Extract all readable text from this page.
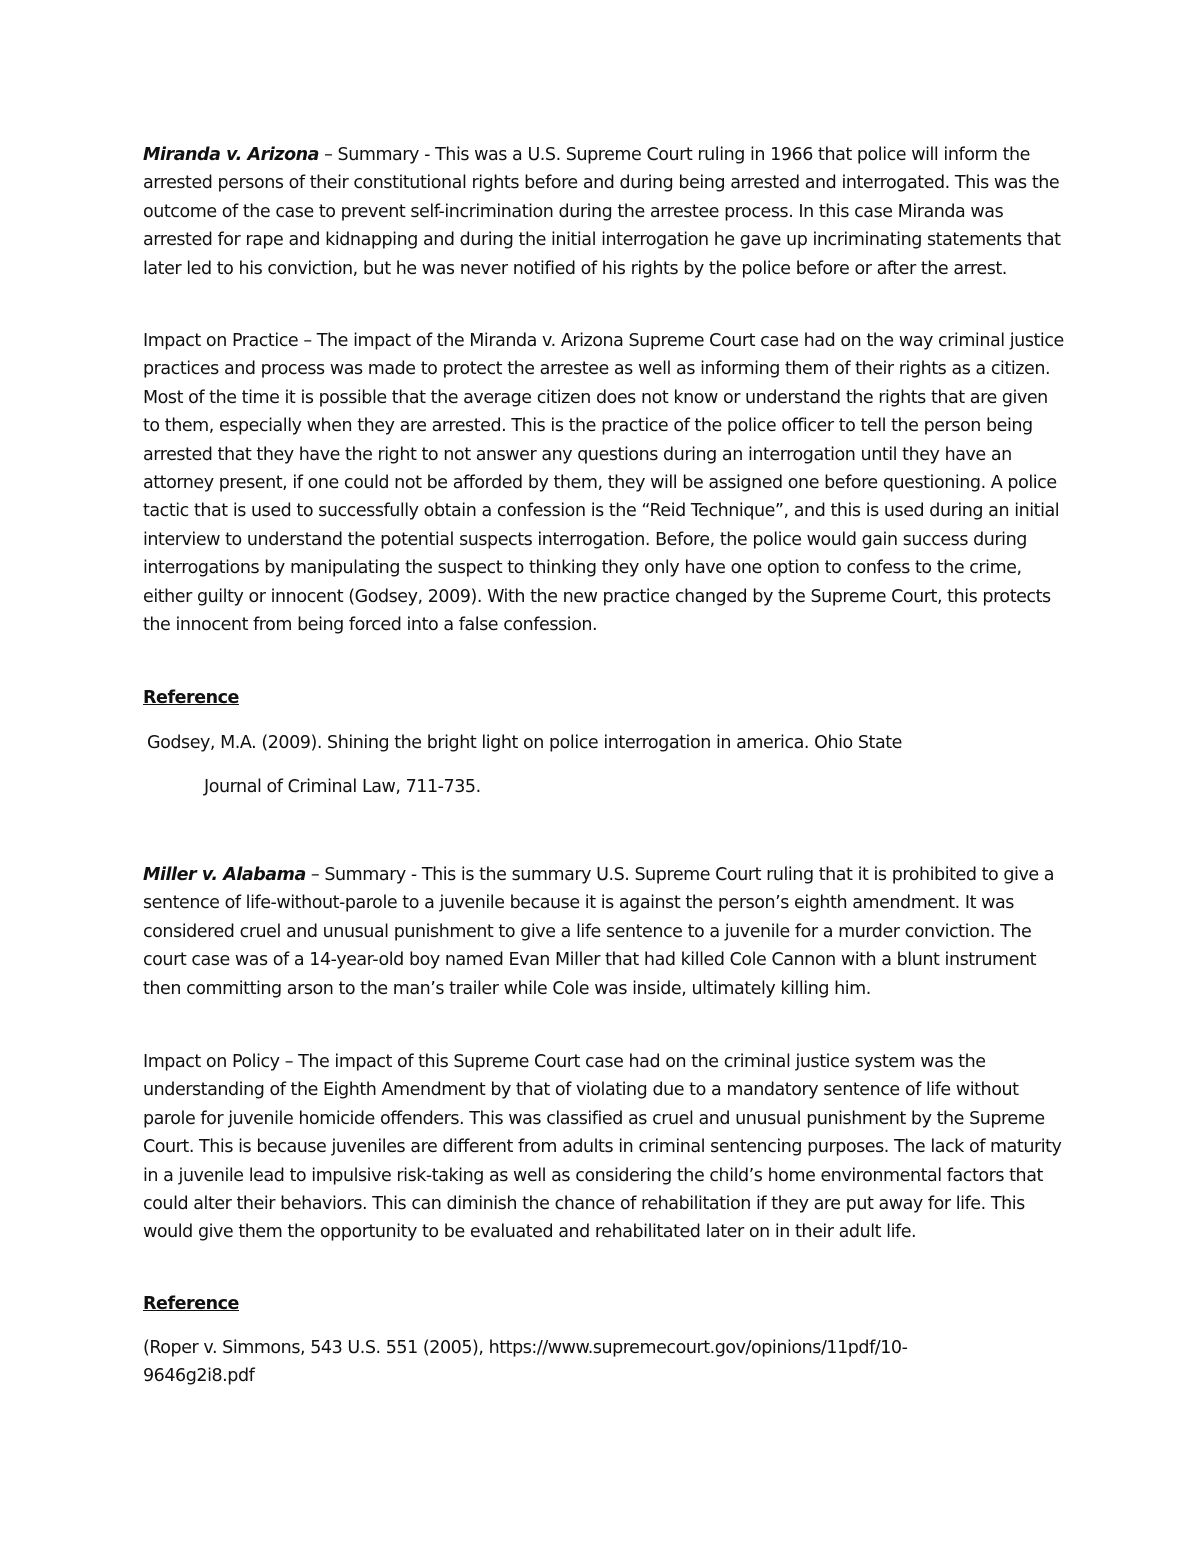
Miranda v. Arizona – Summary - This was a U.S. Supreme Court ruling in 1966 that police will inform the arrested persons of their constitutional rights before and during being arrested and interrogated. This was the outcome of the case to prevent self-incrimination during the arrestee process. In this case Miranda was arrested for rape and kidnapping and during the initial interrogation he gave up incriminating statements that later led to his conviction, but he was never notified of his rights by the police before or after the arrest.

Impact on Practice – The impact of the Miranda v. Arizona Supreme Court case had on the way criminal justice practices and process was made to protect the arrestee as well as informing them of their rights as a citizen. Most of the time it is possible that the average citizen does not know or understand the rights that are given to them, especially when they are arrested. This is the practice of the police officer to tell the person being arrested that they have the right to not answer any questions during an interrogation until they have an attorney present, if one could not be afforded by them, they will be assigned one before questioning. A police tactic that is used to successfully obtain a confession is the “Reid Technique”, and this is used during an initial interview to understand the potential suspects interrogation. Before, the police would gain success during interrogations by manipulating the suspect to thinking they only have one option to confess to the crime, either guilty or innocent (Godsey, 2009). With the new practice changed by the Supreme Court, this protects the innocent from being forced into a false confession.

Reference

Godsey, M.A. (2009). Shining the bright light on police interrogation in america. Ohio State

Journal of Criminal Law, 711-735.

Miller v. Alabama – Summary - This is the summary U.S. Supreme Court ruling that it is prohibited to give a sentence of life-without-parole to a juvenile because it is against the person’s eighth amendment. It was considered cruel and unusual punishment to give a life sentence to a juvenile for a murder conviction. The court case was of a 14-year-old boy named Evan Miller that had killed Cole Cannon with a blunt instrument then committing arson to the man’s trailer while Cole was inside, ultimately killing him.

Impact on Policy – The impact of this Supreme Court case had on the criminal justice system was the understanding of the Eighth Amendment by that of violating due to a mandatory sentence of life without parole for juvenile homicide offenders. This was classified as cruel and unusual punishment by the Supreme Court. This is because juveniles are different from adults in criminal sentencing purposes. The lack of maturity in a juvenile lead to impulsive risk-taking as well as considering the child’s home environmental factors that could alter their behaviors. This can diminish the chance of rehabilitation if they are put away for life. This would give them the opportunity to be evaluated and rehabilitated later on in their adult life.

Reference

(Roper v. Simmons, 543 U.S. 551 (2005), https://www.supremecourt.gov/opinions/11pdf/10-

9646g2i8.pdf
